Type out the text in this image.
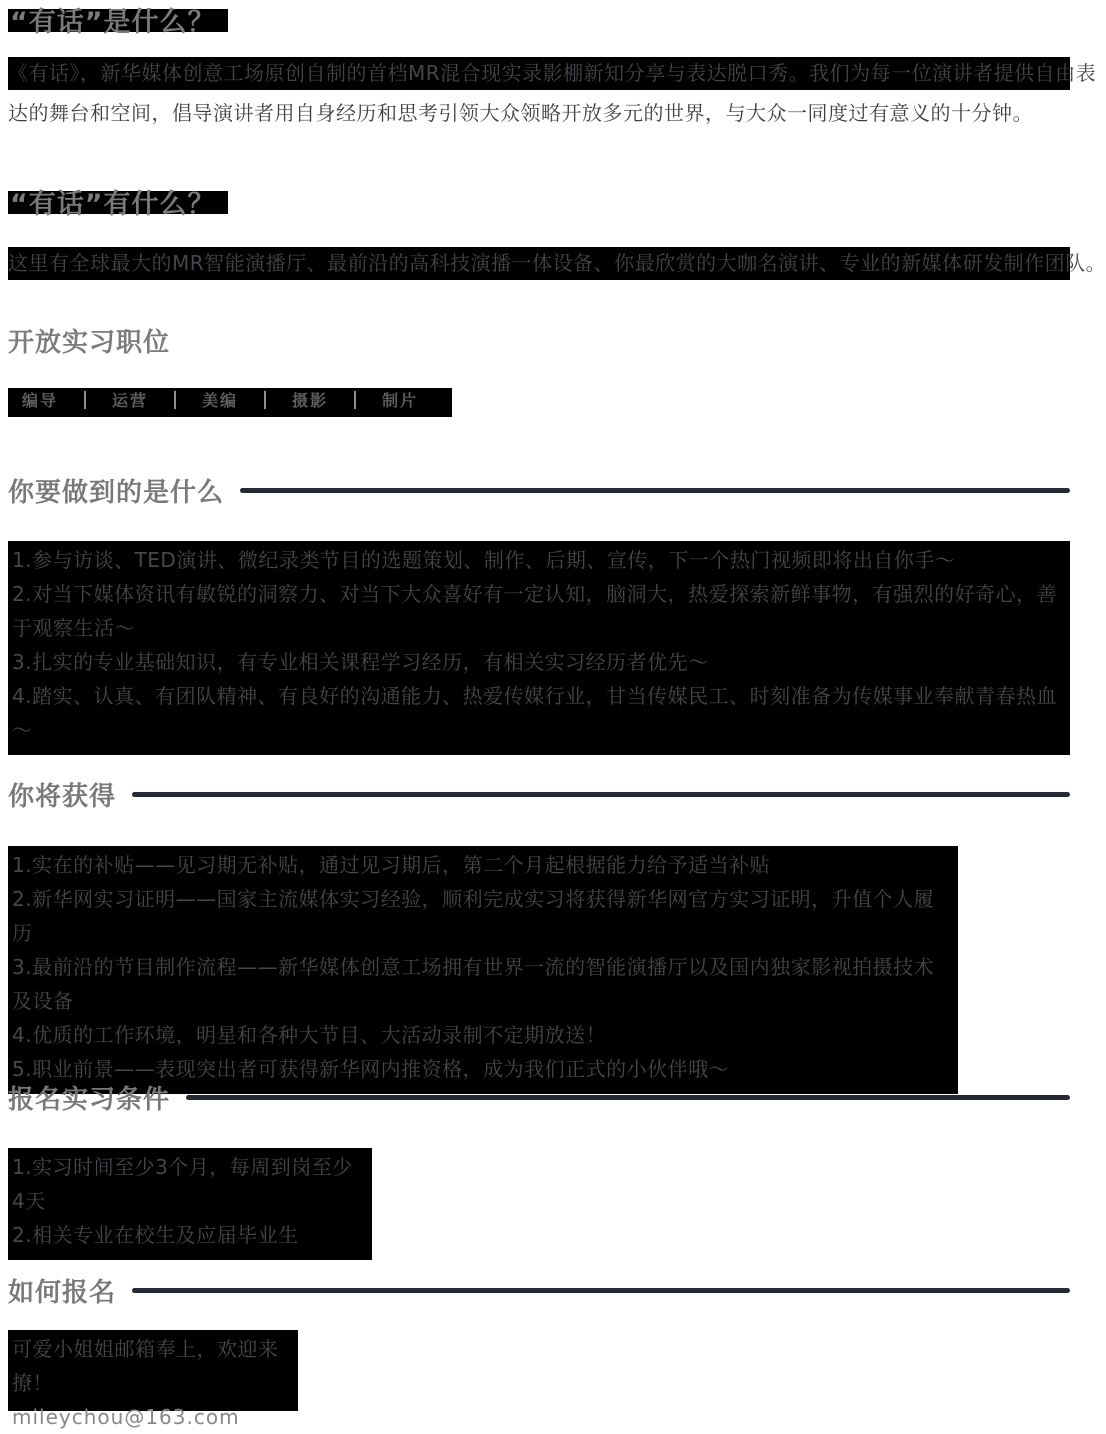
“有话”是什么？
《有话》，新华媒体创意工场原创自制的首档MR混合现实录影棚新知分享与表达脱口秀。我们为每一位演讲者提供自由表
达的舞台和空间，倡导演讲者用自身经历和思考引领大众领略开放多元的世界，与大众一同度过有意义的十分钟。
“有话”有什么？
这里有全球最大的MR智能演播厅、最前沿的高科技演播一体设备、你最欣赏的大咖名演讲、专业的新媒体研发制作团队。
开放实习职位
编导	运营	美编	摄影	制片
你要做到的是什么
1.参与访谈、TED演讲、微纪录类节目的选题策划、制作、后期、宣传，下一个热门视频即将出自你手～
2.对当下媒体资讯有敏锐的洞察力、对当下大众喜好有一定认知，脑洞大，热爱探索新鲜事物，有强烈的好奇心，善于观察生活～
3.扎实的专业基础知识，有专业相关课程学习经历，有相关实习经历者优先～
4.踏实、认真、有团队精神、有良好的沟通能力、热爱传媒行业，甘当传媒民工、时刻准备为传媒事业奉献青春热血～
你将获得
1.实在的补贴——见习期无补贴，通过见习期后，第二个月起根据能力给予适当补贴
2.新华网实习证明——国家主流媒体实习经验，顺利完成实习将获得新华网官方实习证明，升值个人履历
3.最前沿的节目制作流程——新华媒体创意工场拥有世界一流的智能演播厅以及国内独家影视拍摄技术及设备
4.优质的工作环境，明星和各种大节目、大活动录制不定期放送！
5.职业前景——表现突出者可获得新华网内推资格，成为我们正式的小伙伴哦～
报名实习条件
1.实习时间至少3个月，每周到岗至少4天
2.相关专业在校生及应届毕业生
如何报名
可爱小姐姐邮箱奉上，欢迎来撩！
mileychou@163.com
